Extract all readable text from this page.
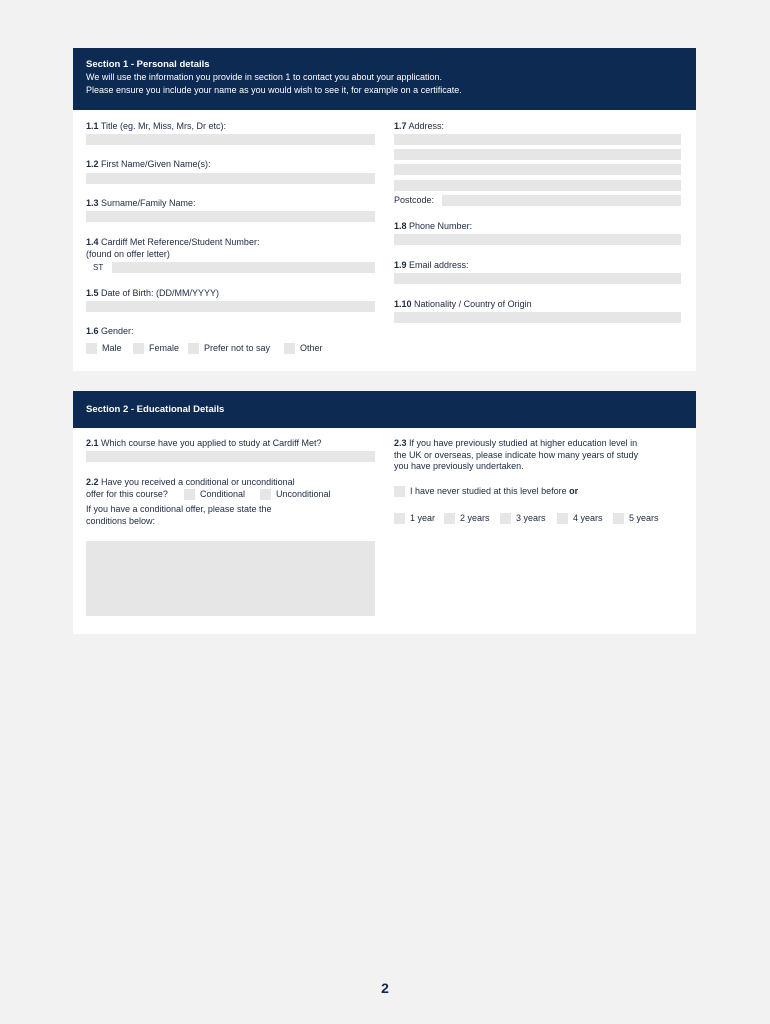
Section 1 - Personal details
We will use the information you provide in section 1 to contact you about your application.
Please ensure you include your name as you would wish to see it, for example on a certificate.
1.1 Title (eg. Mr, Miss, Mrs, Dr etc):
1.2 First Name/Given Name(s):
1.3 Surname/Family Name:
1.4 Cardiff Met Reference/Student Number:
(found on offer letter)
ST
1.5 Date of Birth: (DD/MM/YYYY)
1.6 Gender:
Male	Female	Prefer not to say	Other
1.7 Address:
Postcode:
1.8 Phone Number:
1.9 Email address:
1.10 Nationality / Country of Origin
Section 2 - Educational Details
2.1 Which course have you applied to study at Cardiff Met?
2.2 Have you received a conditional or unconditional
offer for this course?	Conditional	Unconditional
If you have a conditional offer, please state the
conditions below:
2.3 If you have previously studied at higher education level in
the UK or overseas, please indicate how many years of study
you have previously undertaken.
I have never studied at this level before
or
1 year	2 years	3 years	4 years	5 years
2
